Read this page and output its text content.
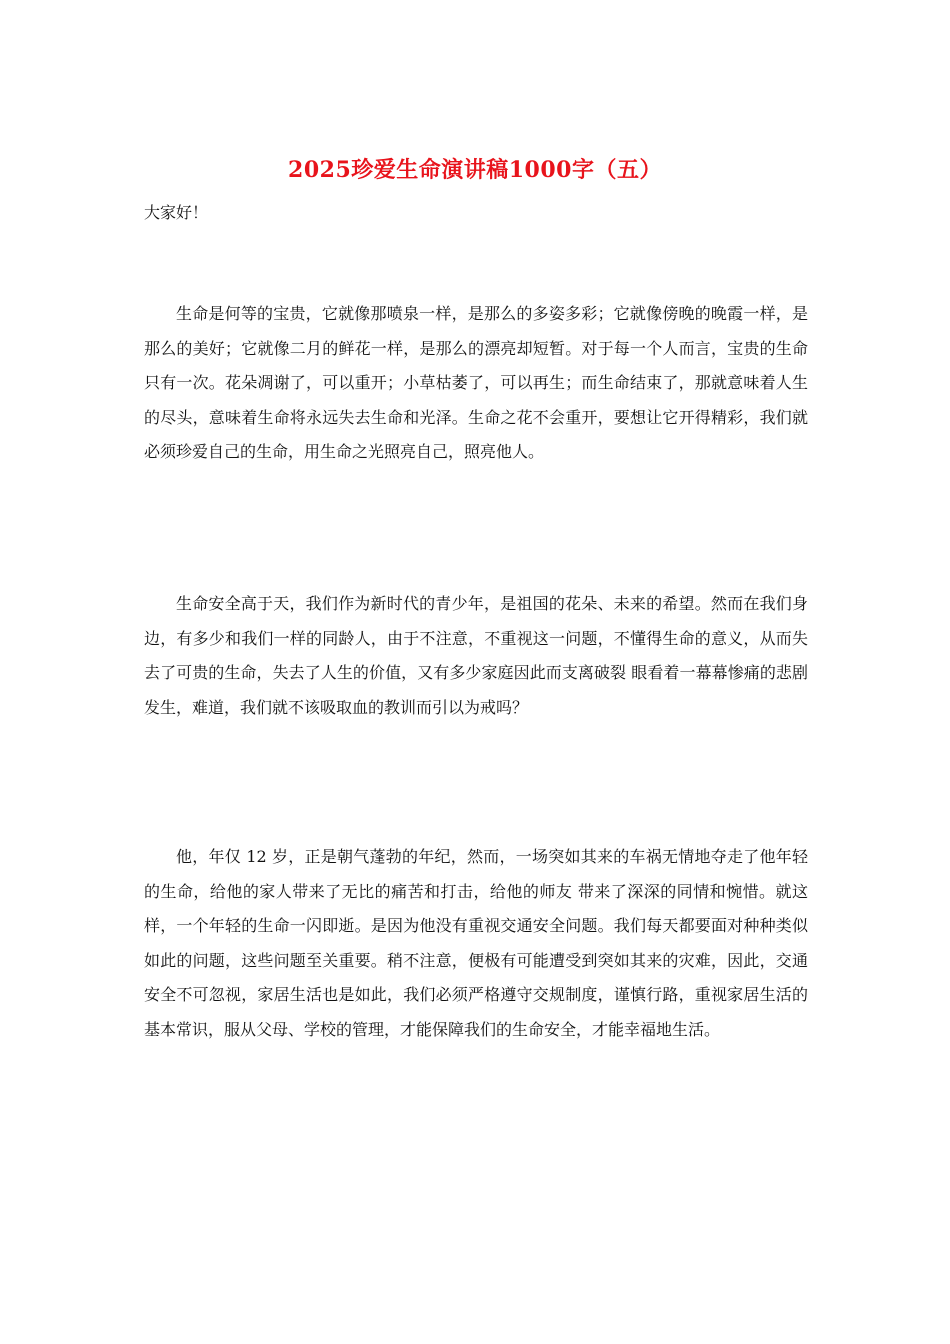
2025珍爱生命演讲稿1000字（五）
大家好！

生命是何等的宝贵，它就像那喷泉一样，是那么的多姿多彩；它就像傍晚的晚霞一样，是那么的美好；它就像二月的鲜花一样，是那么的漂亮却短暂。对于每一个人而言，宝贵的生命只有一次。花朵凋谢了，可以重开；小草枯萎了，可以再生；而生命结束了，那就意味着人生的尽头，意味着生命将永远失去生命和光泽。生命之花不会重开，要想让它开得精彩，我们就必须珍爱自己的生命，用生命之光照亮自己，照亮他人。

生命安全高于天，我们作为新时代的青少年，是祖国的花朵、未来的希望。然而在我们身边，有多少和我们一样的同龄人，由于不注意，不重视这一问题，不懂得生命的意义，从而失去了可贵的生命，失去了人生的价值，又有多少家庭因此而支离破裂 眼看着一幕幕惨痛的悲剧发生，难道，我们就不该吸取血的教训而引以为戒吗？

他，年仅 12 岁，正是朝气蓬勃的年纪，然而，一场突如其来的车祸无情地夺走了他年轻的生命，给他的家人带来了无比的痛苦和打击，给他的师友 带来了深深的同情和惋惜。就这样，一个年轻的生命一闪即逝。是因为他没有重视交通安全问题。我们每天都要面对种种类似如此的问题，这些问题至关重要。稍不注意，便极有可能遭受到突如其来的灾难，因此，交通安全不可忽视，家居生活也是如此，我们必须严格遵守交规制度，谨慎行路，重视家居生活的基本常识，服从父母、学校的管理，才能保障我们的生命安全，才能幸福地生活。
